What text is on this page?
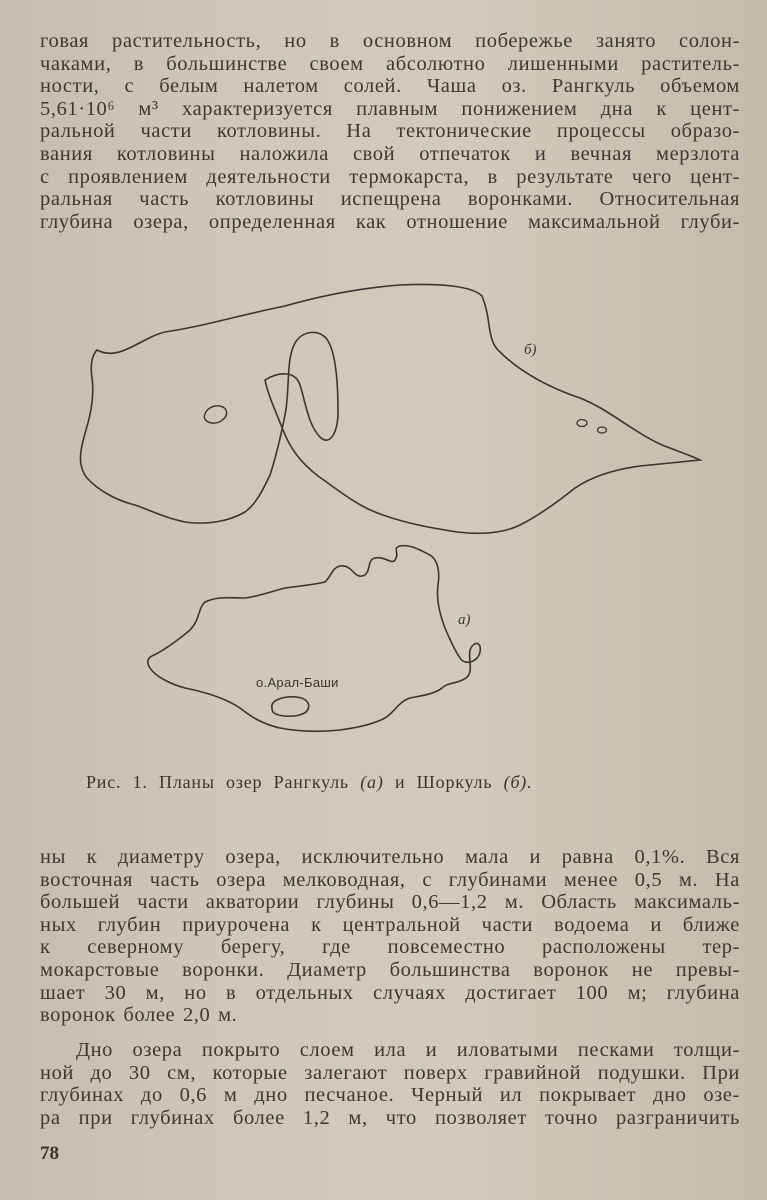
говая растительность, но в основном побережье занято солон-
чаками, в большинстве своем абсолютно лишенными раститель-
ности, с белым налетом солей. Чаша оз. Рангкуль объемом
5,61·10⁶ м³ характеризуется плавным понижением дна к цент-
ральной части котловины. На тектонические процессы образо-
вания котловины наложила свой отпечаток и вечная мерзлота
с проявлением деятельности термокарста, в результате чего цент-
ральная часть котловины испещрена воронками. Относительная
глубина озера, определенная как отношение максимальной глуби-
б)
а)
о.Арал-Баши
Рис. 1. Планы озер Рангкуль (а) и Шоркуль (б).
ны к диаметру озера, исключительно мала и равна 0,1%. Вся
восточная часть озера мелководная, с глубинами менее 0,5 м. На
большей части акватории глубины 0,6—1,2 м. Область максималь-
ных глубин приурочена к центральной части водоема и ближе
к северному берегу, где повсеместно расположены тер-
мокарстовые воронки. Диаметр большинства воронок не превы-
шает 30 м, но в отдельных случаях достигает 100 м; глубина
воронок более 2,0 м.
Дно озера покрыто слоем ила и иловатыми песками толщи-
ной до 30 см, которые залегают поверх гравийной подушки. При
глубинах до 0,6 м дно песчаное. Черный ил покрывает дно озе-
ра при глубинах более 1,2 м, что позволяет точно разграничить
78
